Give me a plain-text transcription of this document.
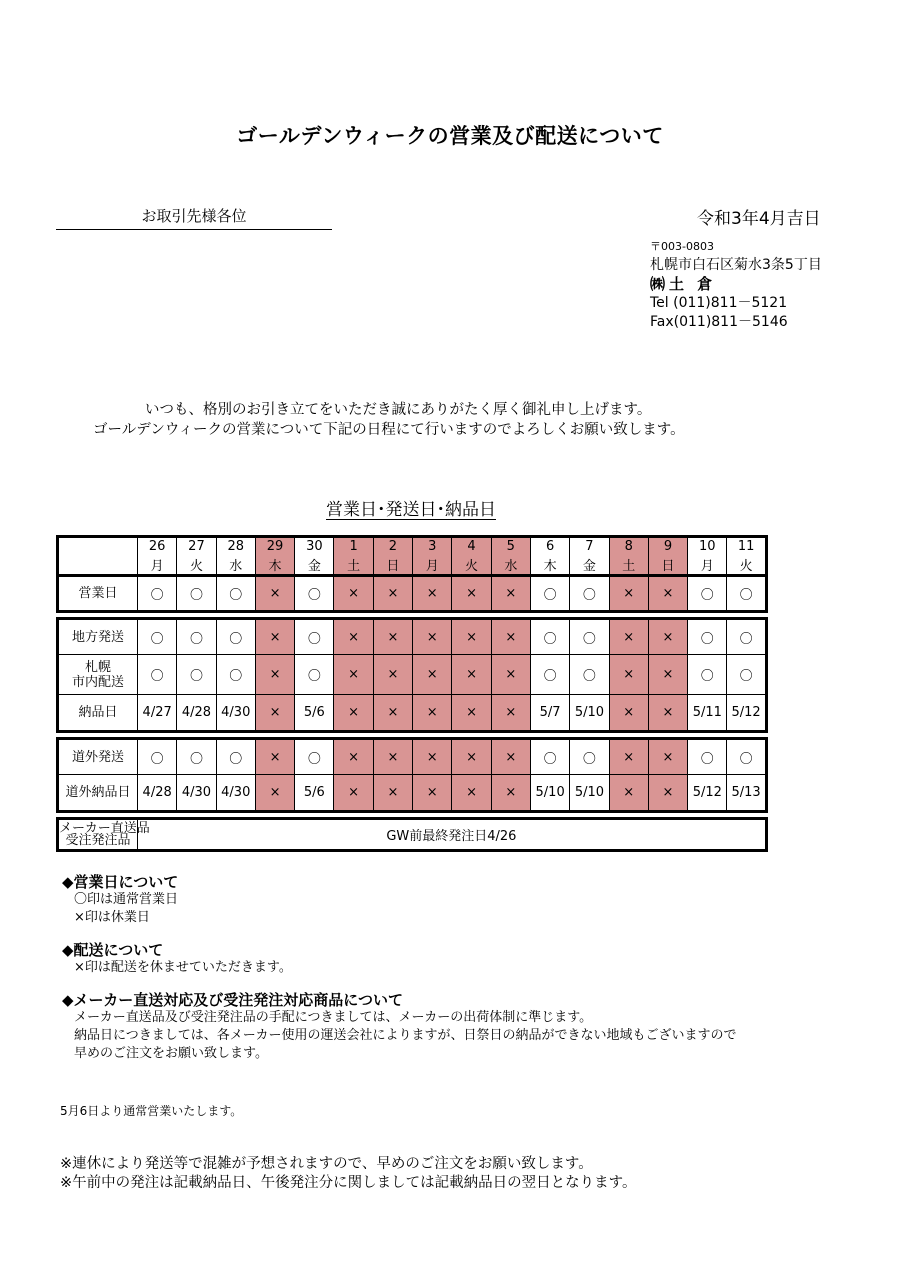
ゴールデンウィークの営業及び配送について
お取引先様各位	令和3年4月吉日
〒003-0803
札幌市白石区菊水3条5丁目
㈱土 倉
Tel (011)811－5121
Fax(011)811－5146
いつも、格別のお引き立てをいただき誠にありがたく厚く御礼申し上げます。
ゴールデンウィークの営業について下記の日程にて行いますのでよろしくお願い致します。
営業日･発送日･納品日
	26	27	28	29	30	1	2	3	4	5	6	7	8	9	10	11
	月	火	水	木	金	土	日	月	火	水	木	金	土	日	月	火
営業日	〇	〇	〇	×	〇	×	×	×	×	×	〇	〇	×	×	〇	〇

地方発送	〇	〇	〇	×	〇	×	×	×	×	×	〇	〇	×	×	〇	〇
札幌
市内配送	〇	〇	〇	×	〇	×	×	×	×	×	〇	〇	×	×	〇	〇
納品日	4/27	4/28	4/30	×	5/6	×	×	×	×	×	5/7	5/10	×	×	5/11	5/12

道外発送	〇	〇	〇	×	〇	×	×	×	×	×	〇	〇	×	×	〇	〇
道外納品日	4/28	4/30	4/30	×	5/6	×	×	×	×	×	5/10	5/10	×	×	5/12	5/13

メーカー直送品
受注発注品	GW前最終発注日4/26															
◆営業日について
〇印は通常営業日
×印は休業日
◆配送について
×印は配送を休ませていただきます。
◆メーカー直送対応及び受注発注対応商品について
メーカー直送品及び受注発注品の手配につきましては、メーカーの出荷体制に準じます。
納品日につきましては、各メーカー使用の運送会社によりますが、日祭日の納品ができない地域もございますので
早めのご注文をお願い致します。
5月6日より通常営業いたします。
※連休により発送等で混雑が予想されますので、早めのご注文をお願い致します。
※午前中の発注は記載納品日、午後発注分に関しましては記載納品日の翌日となります。
